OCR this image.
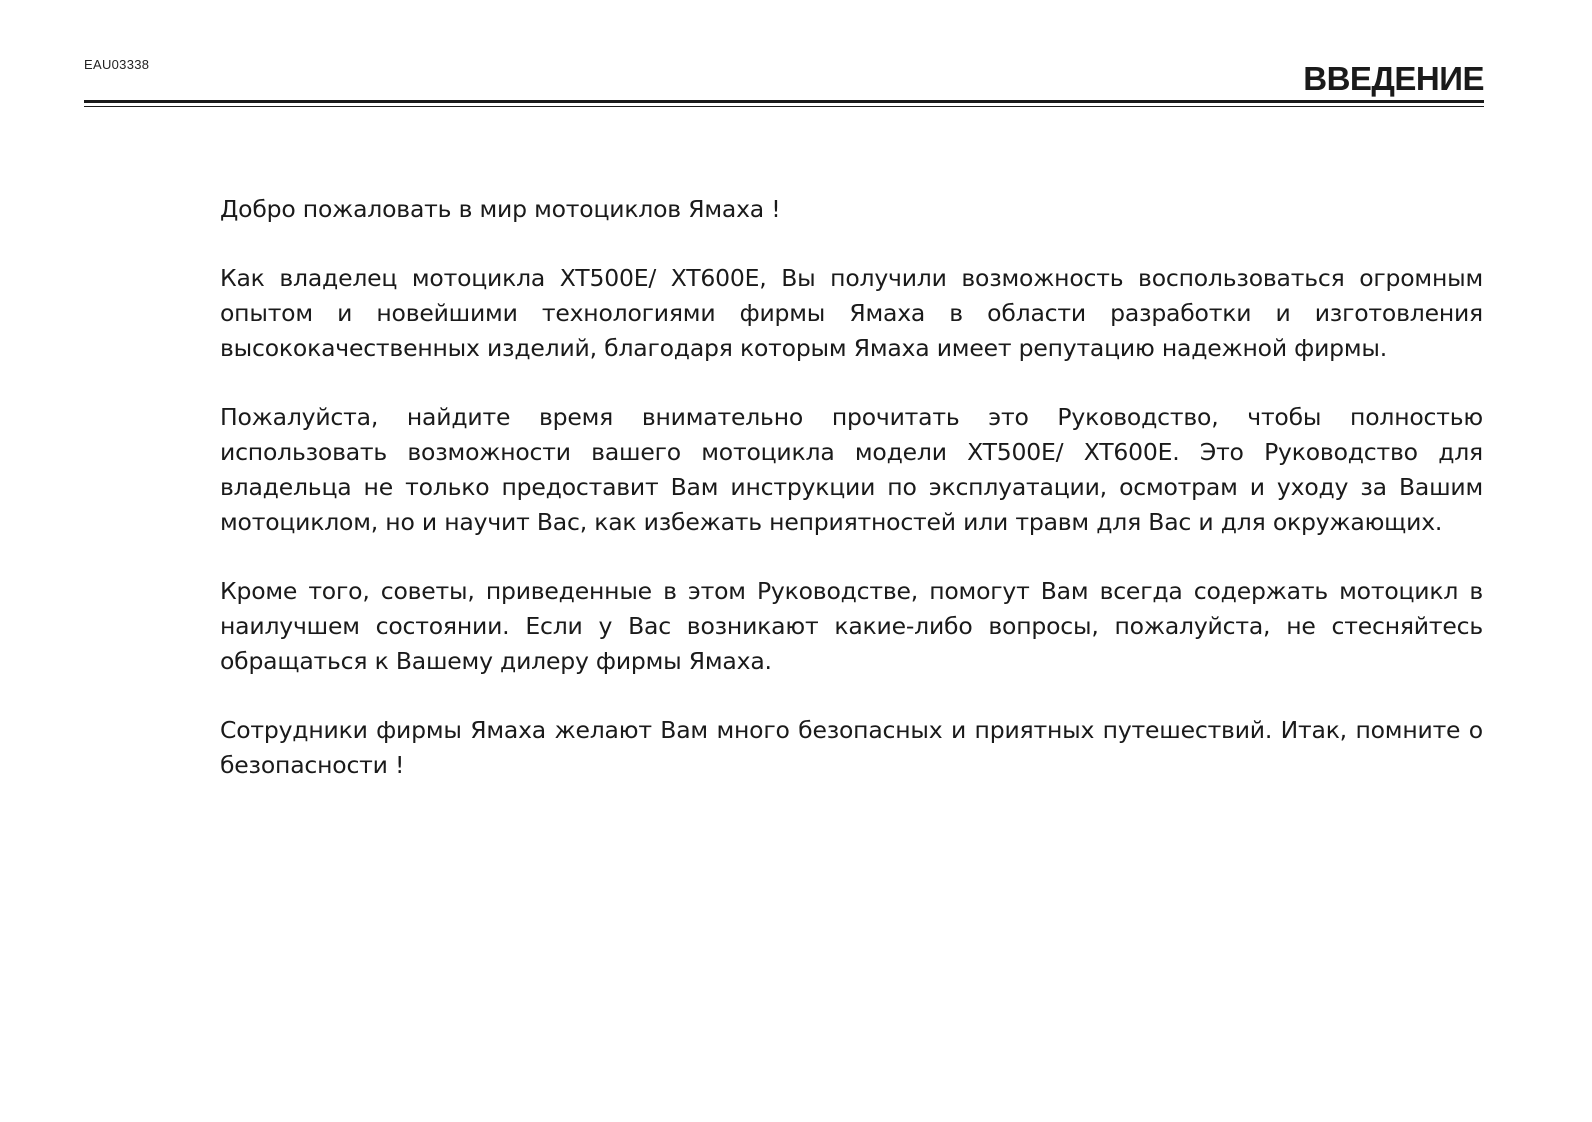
EAU03338	ВВЕДЕНИЕ

Добро пожаловать в мир мотоциклов Ямаха !

Как владелец мотоцикла XT500E/ XT600E, Вы получили возможность воспользоваться огромным опытом и новейшими технологиями фирмы Ямаха в области разработки и изготовления высококачественных изделий, благодаря которым Ямаха имеет репутацию надежной фирмы.

Пожалуйста, найдите время внимательно прочитать это Руководство, чтобы полностью использовать возможности вашего мотоцикла модели XT500E/ XT600E. Это Руководство для владельца не только предоставит Вам инструкции по эксплуатации, осмотрам и уходу за Вашим мотоциклом, но и научит Вас, как избежать неприятностей или травм для Вас и для окружающих.

Кроме того, советы, приведенные в этом Руководстве, помогут Вам всегда содержать мотоцикл в наилучшем состоянии. Если у Вас возникают какие-либо вопросы, пожалуйста, не стесняйтесь обращаться к Вашему дилеру фирмы Ямаха.

Сотрудники фирмы Ямаха желают Вам много безопасных и приятных путешествий. Итак, помните о безопасности !
